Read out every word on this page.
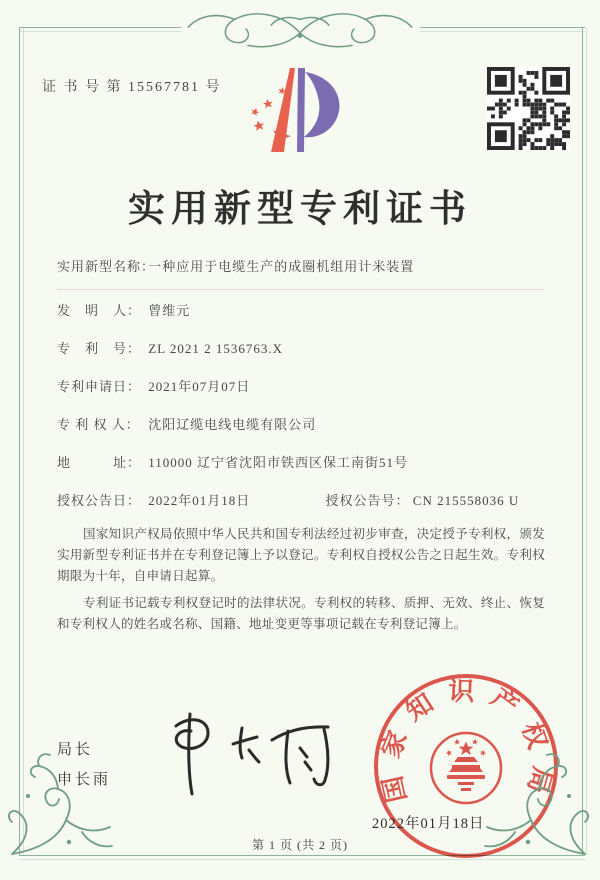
证 书 号 第 15567781 号
实用新型专利证书
实用新型名称： 一种应用于电缆生产的成圈机组用计米装置
发　明　人： 曾维元
专　利　号： ZL 2021 2 1536763.X
专利申请日： 2021年07月07日
专 利 权 人： 沈阳辽缆电线电缆有限公司
地　　　址： 110000 辽宁省沈阳市铁西区保工南街51号
授权公告日： 2022年01月18日	授权公告号： CN 215558036 U

国家知识产权局依照中华人民共和国专利法经过初步审查，决定授予专利权，颁发实用新型专利证书并在专利登记簿上予以登记。专利权自授权公告之日起生效。专利权期限为十年，自申请日起算。

专利证书记载专利权登记时的法律状况。专利权的转移、质押、无效、终止、恢复和专利权人的姓名或名称、国籍、地址变更等事项记载在专利登记簿上。

局长
申长雨	国家知识产权局
2022年01月18日
第 1 页 (共 2 页)
